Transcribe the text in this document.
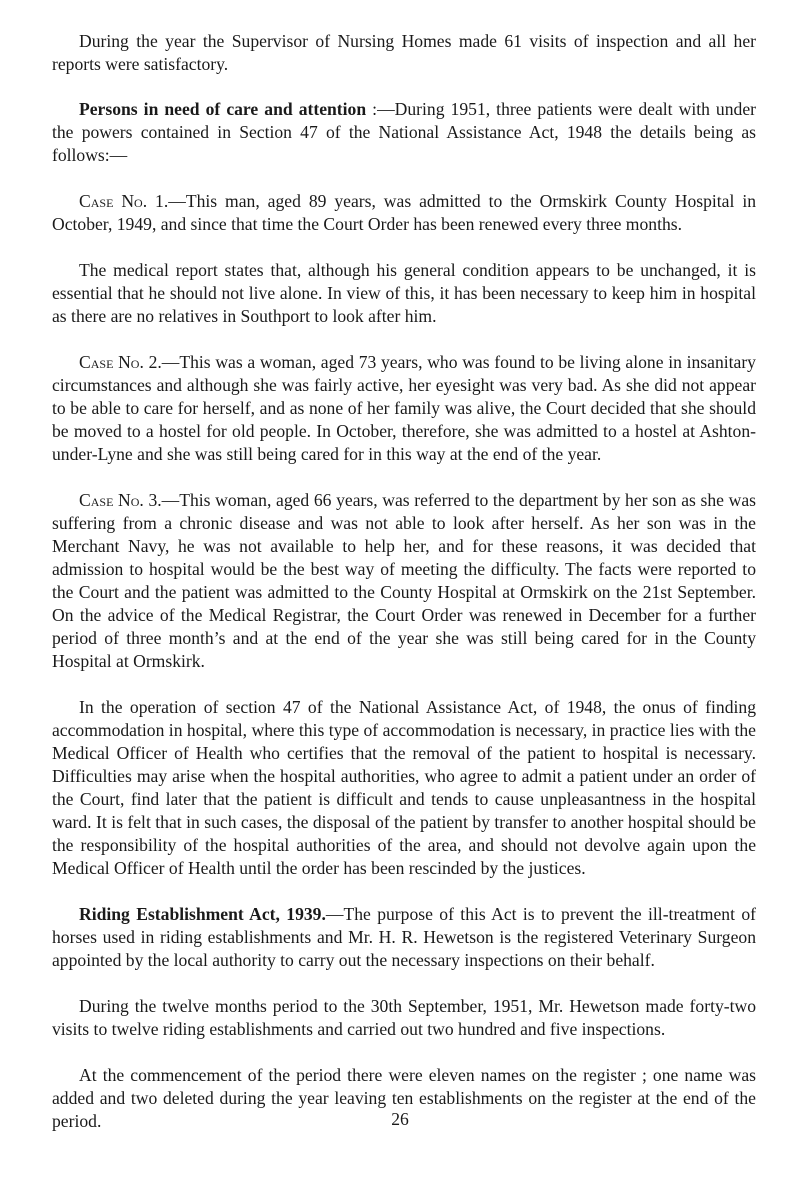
During the year the Supervisor of Nursing Homes made 61 visits of inspection and all her reports were satisfactory.

Persons in need of care and attention :—During 1951, three patients were dealt with under the powers contained in Section 47 of the National Assistance Act, 1948 the details being as follows:—

Case No. 1.—This man, aged 89 years, was admitted to the Ormskirk County Hospital in October, 1949, and since that time the Court Order has been renewed every three months.

The medical report states that, although his general condition appears to be unchanged, it is essential that he should not live alone. In view of this, it has been necessary to keep him in hospital as there are no relatives in Southport to look after him.

Case No. 2.—This was a woman, aged 73 years, who was found to be living alone in insanitary circumstances and although she was fairly active, her eyesight was very bad. As she did not appear to be able to care for herself, and as none of her family was alive, the Court decided that she should be moved to a hostel for old people. In October, therefore, she was admitted to a hostel at Ashton-under-Lyne and she was still being cared for in this way at the end of the year.

Case No. 3.—This woman, aged 66 years, was referred to the department by her son as she was suffering from a chronic disease and was not able to look after herself. As her son was in the Merchant Navy, he was not available to help her, and for these reasons, it was decided that admission to hospital would be the best way of meeting the difficulty. The facts were reported to the Court and the patient was admitted to the County Hospital at Ormskirk on the 21st September. On the advice of the Medical Registrar, the Court Order was renewed in December for a further period of three month’s and at the end of the year she was still being cared for in the County Hospital at Ormskirk.

In the operation of section 47 of the National Assistance Act, of 1948, the onus of finding accommodation in hospital, where this type of accommodation is necessary, in practice lies with the Medical Officer of Health who certifies that the removal of the patient to hospital is necessary. Difficulties may arise when the hospital authorities, who agree to admit a patient under an order of the Court, find later that the patient is difficult and tends to cause unpleasantness in the hospital ward. It is felt that in such cases, the disposal of the patient by transfer to another hospital should be the responsibility of the hospital authorities of the area, and should not devolve again upon the Medical Officer of Health until the order has been rescinded by the justices.

Riding Establishment Act, 1939.—The purpose of this Act is to prevent the ill-treatment of horses used in riding establishments and Mr. H. R. Hewetson is the registered Veterinary Surgeon appointed by the local authority to carry out the necessary inspections on their behalf.

During the twelve months period to the 30th September, 1951, Mr. Hewetson made forty-two visits to twelve riding establishments and carried out two hundred and five inspections.

At the commencement of the period there were eleven names on the register ; one name was added and two deleted during the year leaving ten establishments on the register at the end of the period.	26
